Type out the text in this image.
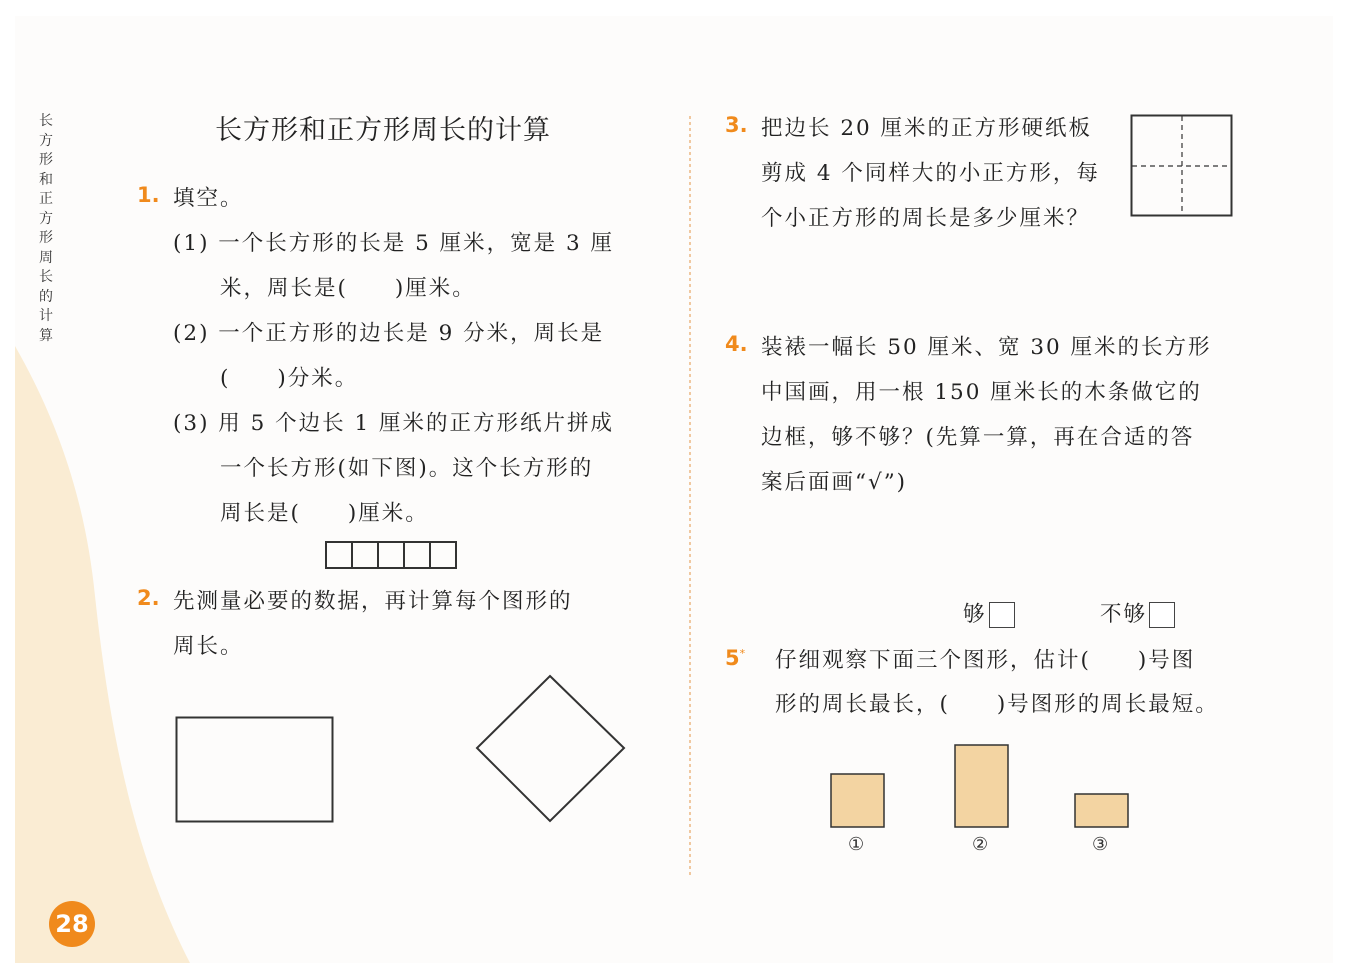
长方形和正方形周长的计算
28
长方形和正方形周长的计算
1. 填空。
(1) 一个长方形的长是 5 厘米，宽是 3 厘
米，周长是(　　)厘米。
(2) 一个正方形的边长是 9 分米，周长是
(　　)分米。
(3) 用 5 个边长 1 厘米的正方形纸片拼成
一个长方形(如下图)。这个长方形的
周长是(　　)厘米。
2. 先测量必要的数据，再计算每个图形的
周长。
3. 把边长 20 厘米的正方形硬纸板
剪成 4 个同样大的小正方形，每
个小正方形的周长是多少厘米？
4. 装裱一幅长 50 厘米、宽 30 厘米的长方形
中国画，用一根 150 厘米长的木条做它的
边框，够不够？(先算一算，再在合适的答
案后面画“√”)
够	不够
5* 仔细观察下面三个图形，估计(　　)号图
形的周长最长，(　　)号图形的周长最短。
①	②	③
